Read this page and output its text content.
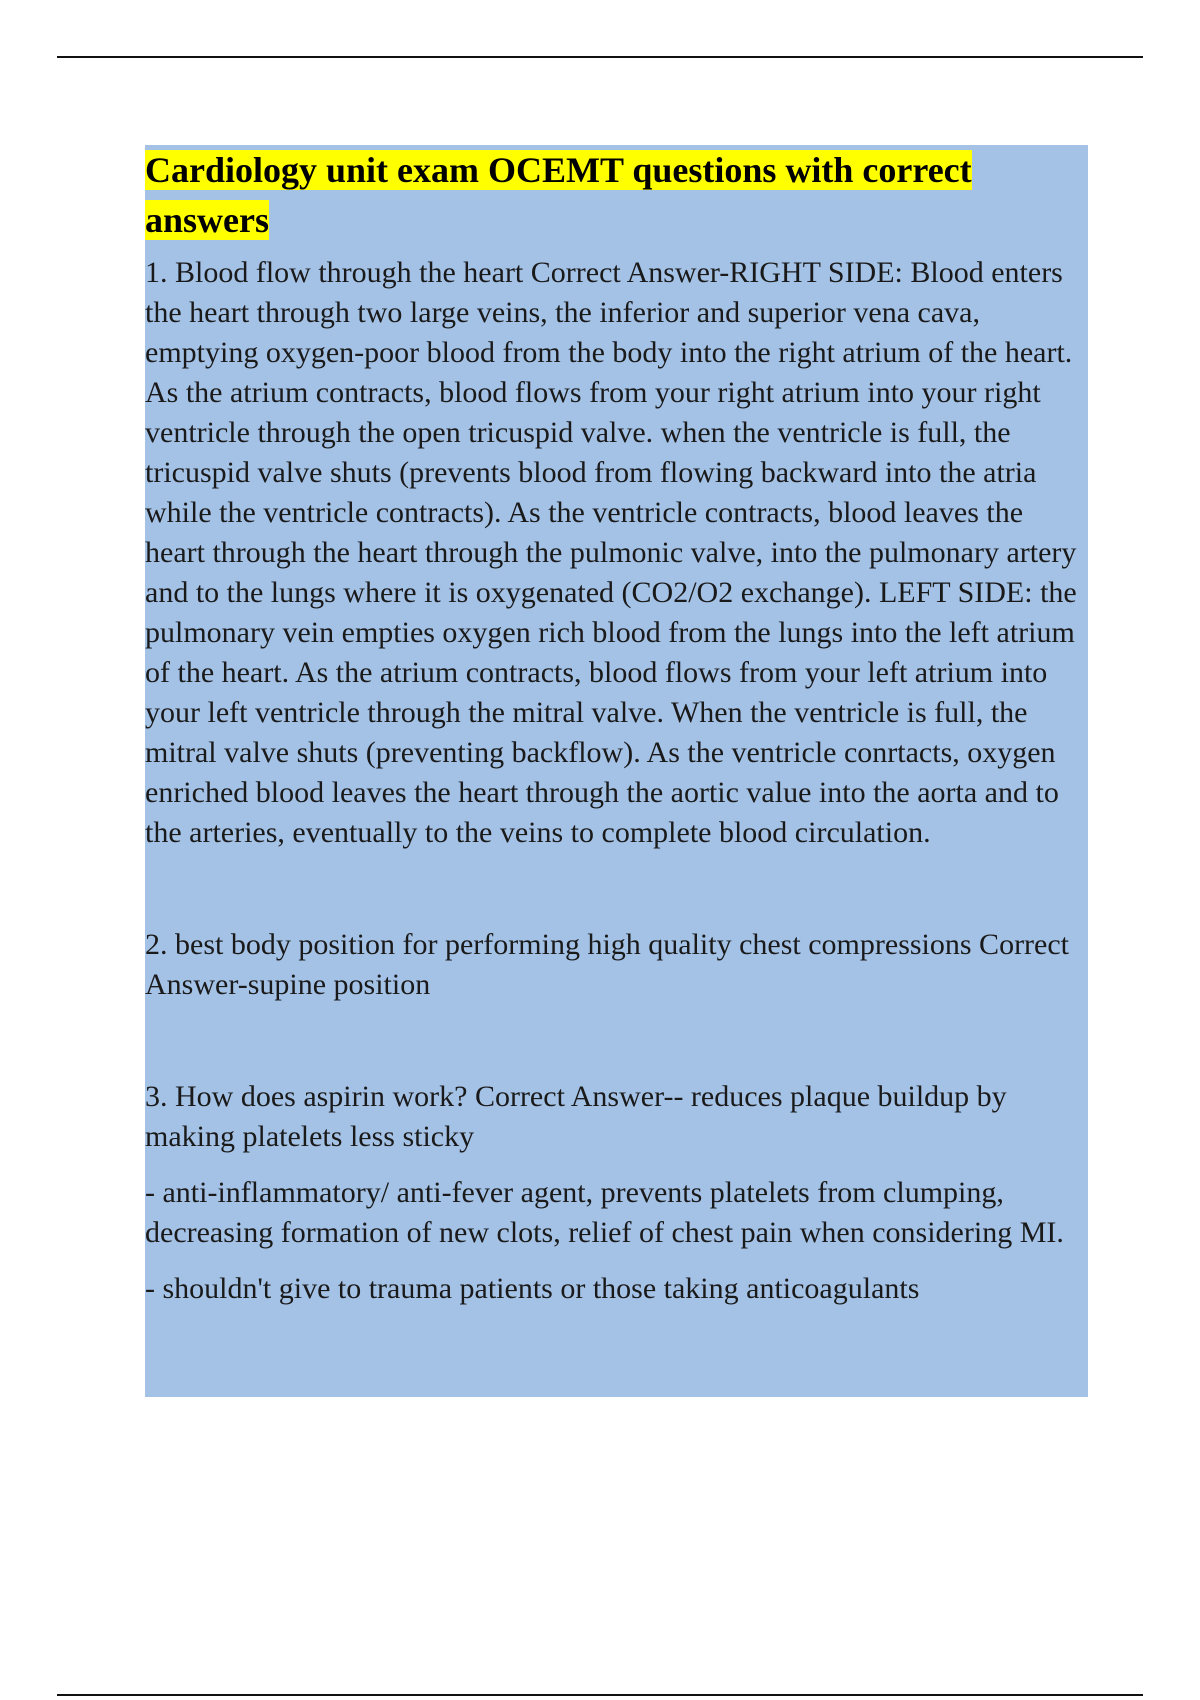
Cardiology unit exam OCEMT questions with correct answers

1. Blood flow through the heart Correct Answer-RIGHT SIDE: Blood enters the heart through two large veins, the inferior and superior vena cava, emptying oxygen-poor blood from the body into the right atrium of the heart. As the atrium contracts, blood flows from your right atrium into your right ventricle through the open tricuspid valve. when the ventricle is full, the tricuspid valve shuts (prevents blood from flowing backward into the atria while the ventricle contracts). As the ventricle contracts, blood leaves the heart through the heart through the pulmonic valve, into the pulmonary artery and to the lungs where it is oxygenated (CO2/O2 exchange). LEFT SIDE: the pulmonary vein empties oxygen rich blood from the lungs into the left atrium of the heart. As the atrium contracts, blood flows from your left atrium into your left ventricle through the mitral valve. When the ventricle is full, the mitral valve shuts (preventing backflow). As the ventricle conrtacts, oxygen enriched blood leaves the heart through the aortic value into the aorta and to the arteries, eventually to the veins to complete blood circulation.

2. best body position for performing high quality chest compressions Correct Answer-supine position

3. How does aspirin work? Correct Answer-- reduces plaque buildup by making platelets less sticky

- anti-inflammatory/ anti-fever agent, prevents platelets from clumping, decreasing formation of new clots, relief of chest pain when considering MI.

- shouldn't give to trauma patients or those taking anticoagulants
